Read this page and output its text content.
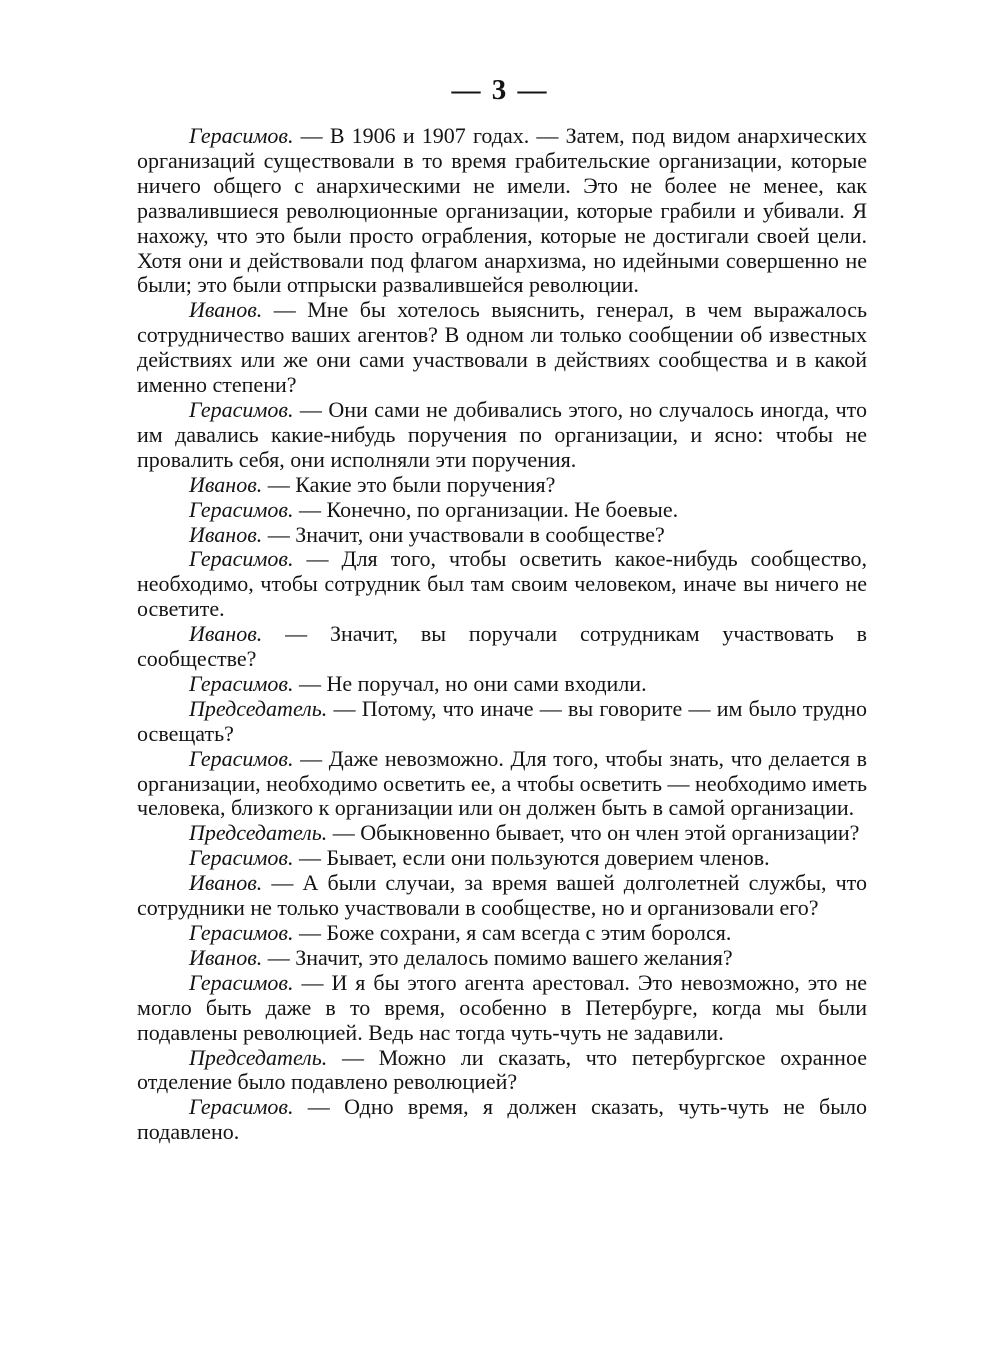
— 3 —

Герасимов. — В 1906 и 1907 годах. — Затем, под видом анархических организаций существовали в то время грабительские организации, которые ничего общего с анархическими не имели. Это не более не менее, как развалившиеся революционные организации, которые грабили и убивали. Я нахожу, что это были просто ограбления, которые не достигали своей цели. Хотя они и действовали под флагом анархизма, но идейными совершенно не были; это были отпрыски развалившейся революции.

Иванов. — Мне бы хотелось выяснить, генерал, в чем выражалось сотрудничество ваших агентов? В одном ли только сообщении об известных действиях или же они сами участвовали в действиях сообщества и в какой именно степени?

Герасимов. — Они сами не добивались этого, но случалось иногда, что им давались какие-нибудь поручения по организации, и ясно: чтобы не провалить себя, они исполняли эти поручения.

Иванов. — Какие это были поручения?

Герасимов. — Конечно, по организации. Не боевые.

Иванов. — Значит, они участвовали в сообществе?

Герасимов. — Для того, чтобы осветить какое-нибудь сообщество, необходимо, чтобы сотрудник был там своим человеком, иначе вы ничего не осветите.

Иванов. — Значит, вы поручали сотрудникам участвовать в сообществе?

Герасимов. — Не поручал, но они сами входили.

Председатель. — Потому, что иначе — вы говорите — им было трудно освещать?

Герасимов. — Даже невозможно. Для того, чтобы знать, что делается в организации, необходимо осветить ее, а чтобы осветить — необходимо иметь человека, близкого к организации или он должен быть в самой организации.

Председатель. — Обыкновенно бывает, что он член этой организации?

Герасимов. — Бывает, если они пользуются доверием членов.

Иванов. — А были случаи, за время вашей долголетней службы, что сотрудники не только участвовали в сообществе, но и организовали его?

Герасимов. — Боже сохрани, я сам всегда с этим боролся.

Иванов. — Значит, это делалось помимо вашего желания?

Герасимов. — И я бы этого агента арестовал. Это невозможно, это не могло быть даже в то время, особенно в Петербурге, когда мы были подавлены революцией. Ведь нас тогда чуть-чуть не задавили.

Председатель. — Можно ли сказать, что петербургское охранное отделение было подавлено революцией?

Герасимов. — Одно время, я должен сказать, чуть-чуть не было подавлено.
